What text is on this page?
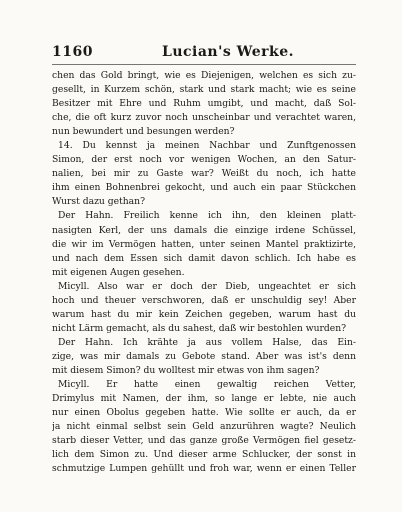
1160	Lucian's Werke.
chen das Gold bringt, wie es Diejenigen, welchen es sich zu-
gesellt, in Kurzem schön, stark und stark macht; wie es seine
Besitzer mit Ehre und Ruhm umgibt, und macht, daß Sol-
che, die oft kurz zuvor noch unscheinbar und verachtet waren,
nun bewundert und besungen werden?
14. Du kennst ja meinen Nachbar und Zunftgenossen
Simon, der erst noch vor wenigen Wochen, an den Satur-
nalien, bei mir zu Gaste war? Weißt du noch, ich hatte
ihm einen Bohnenbrei gekocht, und auch ein paar Stückchen
Wurst dazu gethan?
Der Hahn. Freilich kenne ich ihn, den kleinen platt-
nasigten Kerl, der uns damals die einzige irdene Schüssel,
die wir im Vermögen hatten, unter seinen Mantel praktizirte,
und nach dem Essen sich damit davon schlich. Ich habe es
mit eigenen Augen gesehen.
Micyll. Also war er doch der Dieb, ungeachtet er sich
hoch und theuer verschworen, daß er unschuldig sey! Aber
warum hast du mir kein Zeichen gegeben, warum hast du
nicht Lärm gemacht, als du sahest, daß wir bestohlen wurden?
Der Hahn. Ich krähte ja aus vollem Halse, das Ein-
zige, was mir damals zu Gebote stand. Aber was ist's denn
mit diesem Simon? du wolltest mir etwas von ihm sagen?
Micyll. Er hatte einen gewaltig reichen Vetter,
Drimylus mit Namen, der ihm, so lange er lebte, nie auch
nur einen Obolus gegeben hatte. Wie sollte er auch, da er
ja nicht einmal selbst sein Geld anzurühren wagte? Neulich
starb dieser Vetter, und das ganze große Vermögen fiel gesetz-
lich dem Simon zu. Und dieser arme Schlucker, der sonst in
schmutzige Lumpen gehüllt und froh war, wenn er einen Teller
